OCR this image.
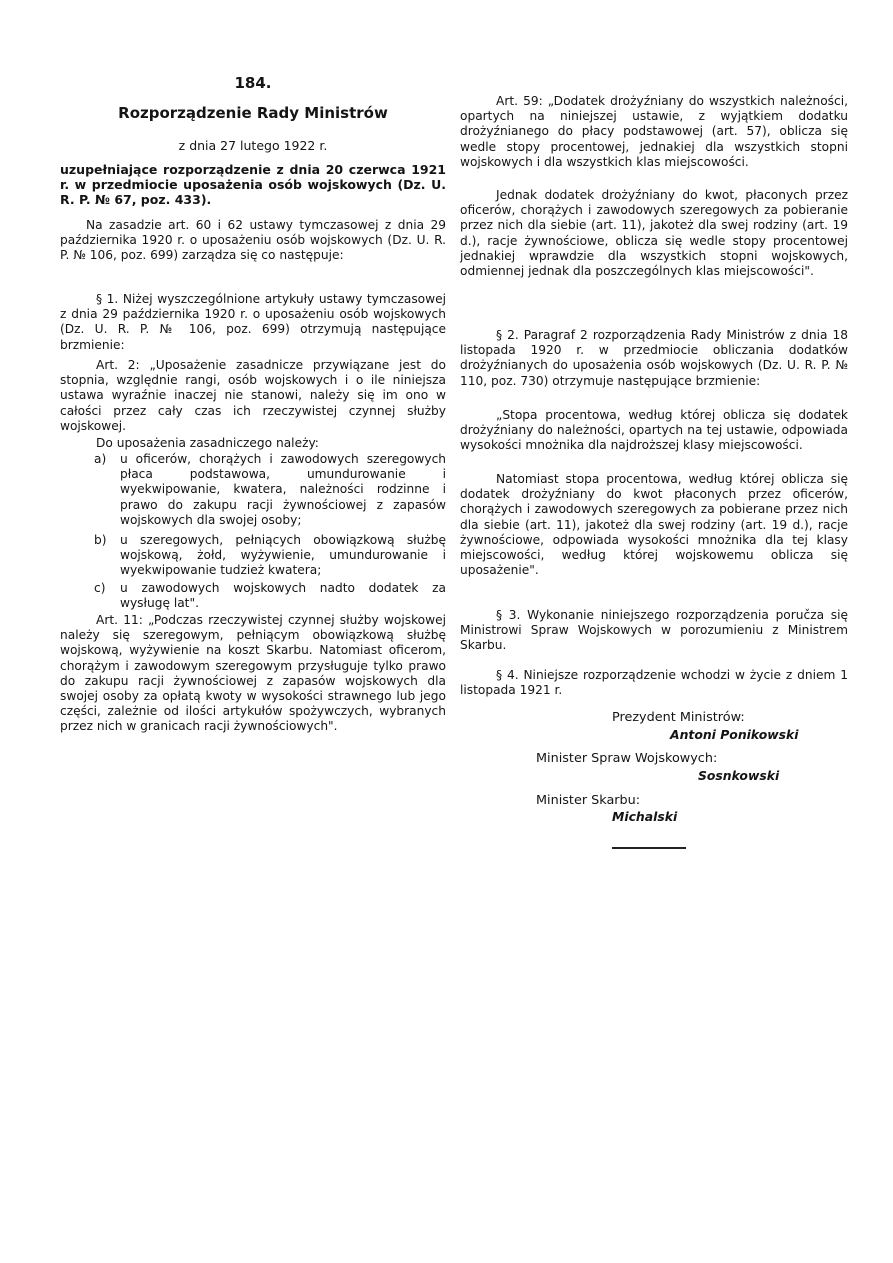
184.
Rozporządzenie Rady Ministrów
z dnia 27 lutego 1922 r.

uzupełniające rozporządzenie z dnia 20 czerwca 1921 r. w przedmiocie uposażenia osób wojskowych (Dz. U. R. P. № 67, poz. 433).

Na zasadzie art. 60 i 62 ustawy tymczasowej z dnia 29 października 1920 r. o uposażeniu osób wojskowych (Dz. U. R. P. № 106, poz. 699) zarządza się co następuje:

§ 1. Niżej wyszczególnione artykuły ustawy tymczasowej z dnia 29 października 1920 r. o uposażeniu osób wojskowych (Dz. U. R. P. № 106, poz. 699) otrzymują następujące brzmienie:

Art. 2: „Uposażenie zasadnicze przywiązane jest do stopnia, względnie rangi, osób wojskowych i o ile niniejsza ustawa wyraźnie inaczej nie stanowi, należy się im ono w całości przez cały czas ich rzeczywistej czynnej służby wojskowej.

Do uposażenia zasadniczego należy:

a) u oficerów, chorążych i zawodowych szeregowych płaca podstawowa, umundurowanie i wyekwipowanie, kwatera, należności rodzinne i prawo do zakupu racji żywnościowej z zapasów wojskowych dla swojej osoby;

b) u szeregowych, pełniących obowiązkową służbę wojskową, żołd, wyżywienie, umundurowanie i wyekwipowanie tudzież kwatera;

c) u zawodowych wojskowych nadto dodatek za wysługę lat".

Art. 11: „Podczas rzeczywistej czynnej służby wojskowej należy się szeregowym, pełniącym obowiązkową służbę wojskową, wyżywienie na koszt Skarbu. Natomiast oficerom, chorążym i zawodowym szeregowym przysługuje tylko prawo do zakupu racji żywnościowej z zapasów wojskowych dla swojej osoby za opłatą kwoty w wysokości strawnego lub jego części, zależnie od ilości artykułów spożywczych, wybranych przez nich w granicach racji żywnościowych".

Art. 59: „Dodatek drożyźniany do wszystkich należności, opartych na niniejszej ustawie, z wyjątkiem dodatku drożyźnianego do płacy podstawowej (art. 57), oblicza się wedle stopy procentowej, jednakiej dla wszystkich stopni wojskowych i dla wszystkich klas miejscowości.

Jednak dodatek drożyźniany do kwot, płaconych przez oficerów, chorążych i zawodowych szeregowych za pobieranie przez nich dla siebie (art. 11), jakoteż dla swej rodziny (art. 19 d.), racje żywnościowe, oblicza się wedle stopy procentowej jednakiej wprawdzie dla wszystkich stopni wojskowych, odmiennej jednak dla poszczególnych klas miejscowości".

§ 2. Paragraf 2 rozporządzenia Rady Ministrów z dnia 18 listopada 1920 r. w przedmiocie obliczania dodatków drożyźnianych do uposażenia osób wojskowych (Dz. U. R. P. № 110, poz. 730) otrzymuje następujące brzmienie:

„Stopa procentowa, według której oblicza się dodatek drożyźniany do należności, opartych na tej ustawie, odpowiada wysokości mnożnika dla najdroższej klasy miejscowości.

Natomiast stopa procentowa, według której oblicza się dodatek drożyźniany do kwot płaconych przez oficerów, chorążych i zawodowych szeregowych za pobierane przez nich dla siebie (art. 11), jakoteż dla swej rodziny (art. 19 d.), racje żywnościowe, odpowiada wysokości mnożnika dla tej klasy miejscowości, według której wojskowemu oblicza się uposażenie".

§ 3. Wykonanie niniejszego rozporządzenia poručza się Ministrowi Spraw Wojskowych w porozumieniu z Ministrem Skarbu.

§ 4. Niniejsze rozporządzenie wchodzi w życie z dniem 1 listopada 1921 r.

Prezydent Ministrów:
Antoni Ponikowski
Minister Spraw Wojskowych:
Sosnkowski
Minister Skarbu:
Michalski
